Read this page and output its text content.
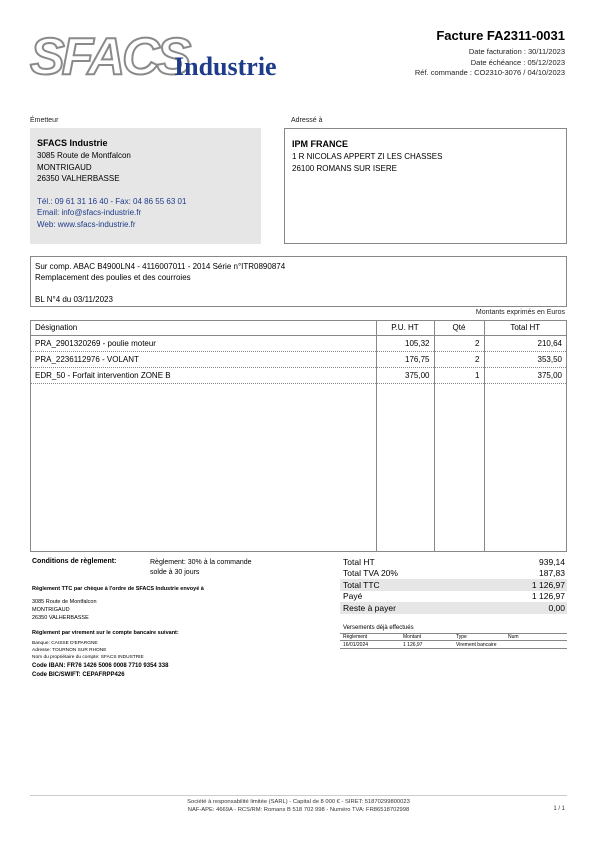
SFACS
Industrie
Facture FA2311-0031
Date facturation : 30/11/2023
Date échéance : 05/12/2023
Réf. commande : CO2310-3076 / 04/10/2023
Émetteur	Adressé à
SFACS Industrie
3085 Route de Montfalcon
MONTRIGAUD
26350 VALHERBASSE
Tél.: 09 61 31 16 40 - Fax: 04 86 55 63 01
Email: info@sfacs-industrie.fr
Web: www.sfacs-industrie.fr
IPM FRANCE
1 R NICOLAS APPERT ZI LES CHASSES
26100 ROMANS SUR ISERE
Sur comp. ABAC B4900LN4 - 4116007011 - 2014 Série n°ITR0890874
Remplacement des poulies et des courroies
BL N°4 du 03/11/2023
Montants exprimés en Euros
Désignation	P.U. HT	Qté	Total HT
PRA_2901320269 - poulie moteur	105,32	2	210,64
PRA_2236112976 - VOLANT	176,75	2	353,50
EDR_50 - Forfait intervention ZONE B	375,00	1	375,00

Conditions de règlement:	Règlement: 30% à la commande
solde à 30 jours
Règlement TTC par chèque à l'ordre de SFACS Industrie envoyé à
3085 Route de Montfalcon
MONTRIGAUD
26350 VALHERBASSE
Règlement par virement sur le compte bancaire suivant:
Banque: CAISSE D'EPARGNE
Adresse: TOURNON SUR RHONE
Nom du propriétaire du compte: SFACS INDUSTRIE
Code IBAN: FR76 1426 5006 0008 7710 9354 338
Code BIC/SWIFT: CEPAFRPP426
Total HT	939,14
Total TVA 20%	187,83
Total TTC	1 126,97
Payé	1 126,97
Reste à payer	0,00
Versements déjà effectués
Règlement	Montant	Type	Num
16/01/2024	1 126,97	Virement bancaire
Société à responsabilité limitée (SARL) - Capital de 8 000 € - SIRET: 51870299800023
NAF-APE: 4669A - RCS/RM: Romans B 518 702 998 - Numéro TVA: FR86518702998	1 / 1
